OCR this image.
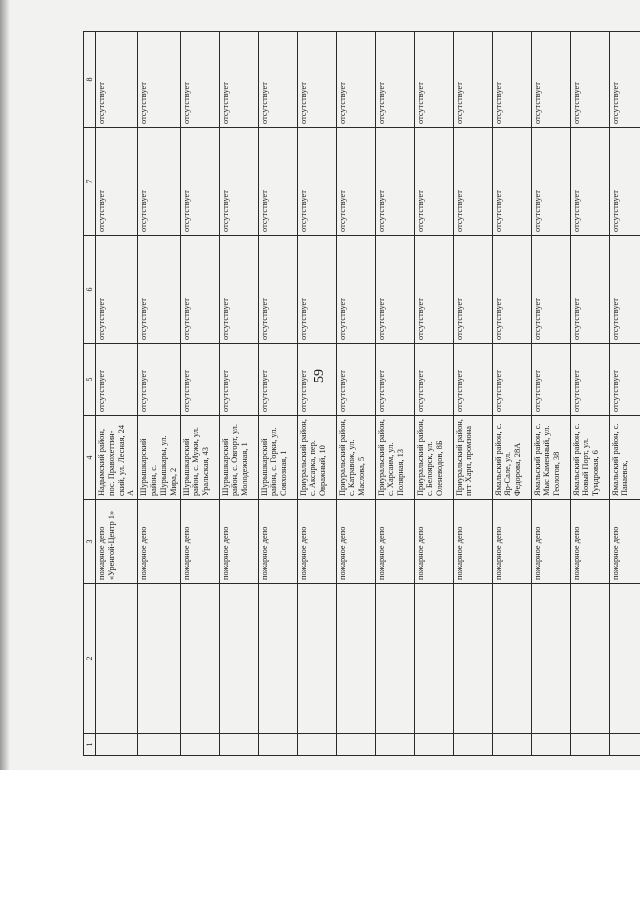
59
1	2	3	4	5	6	7	8
		пожарное депо «Уренгой-Центр 1»	Надымский район, пос. Правохеттин-ский, ул. Лесная, 24 А	отсутствует	отсутствует	отсутствует	отсутствует
		пожарное депо	Шурышкарский район, с. Шурышкары, ул. Мира, 2	отсутствует	отсутствует	отсутствует	отсутствует
		пожарное депо	Шурышкарский район, с. Мужи, ул. Уральская, 43	отсутствует	отсутствует	отсутствует	отсутствует
		пожарное депо	Шурышкарский район, с. Овгорт, ул. Молодежная, 1	отсутствует	отсутствует	отсутствует	отсутствует
		пожарное депо	Шурышкарский район, с. Горки, ул. Совхозная, 1	отсутствует	отсутствует	отсутствует	отсутствует
		пожарное депо	Приуральский район, с. Аксарка, пер. Овражный, 10	отсутствует	отсутствует	отсутствует	отсутствует
		пожарное депо	Приуральский район, с. Катравож, ул. Маслова, 5	отсутствует	отсутствует	отсутствует	отсутствует
		пожарное депо	Приуральский район, с. Харсаим, ул. Полярная, 13	отсутствует	отсутствует	отсутствует	отсутствует
		пожарное депо	Приуральский район, с. Белоярск, ул. Оленеводов, 8Б	отсутствует	отсутствует	отсутствует	отсутствует
		пожарное депо	Приуральский район, пгт Харп, промзона	отсутствует	отсутствует	отсутствует	отсутствует
		пожарное депо	Ямальский район, с. Яр-Сале, ул. Федорова, 28А	отсутствует	отсутствует	отсутствует	отсутствует
		пожарное депо	Ямальский район, с. Мыс Каменный, ул. Геологов, 38	отсутствует	отсутствует	отсутствует	отсутствует
		пожарное депо	Ямальский район, с. Новый Порт, ул. Тундровая, 6	отсутствует	отсутствует	отсутствует	отсутствует
		пожарное депо	Ямальский район, с. Панаевск,	отсутствует	отсутствует	отсутствует	отсутствует
